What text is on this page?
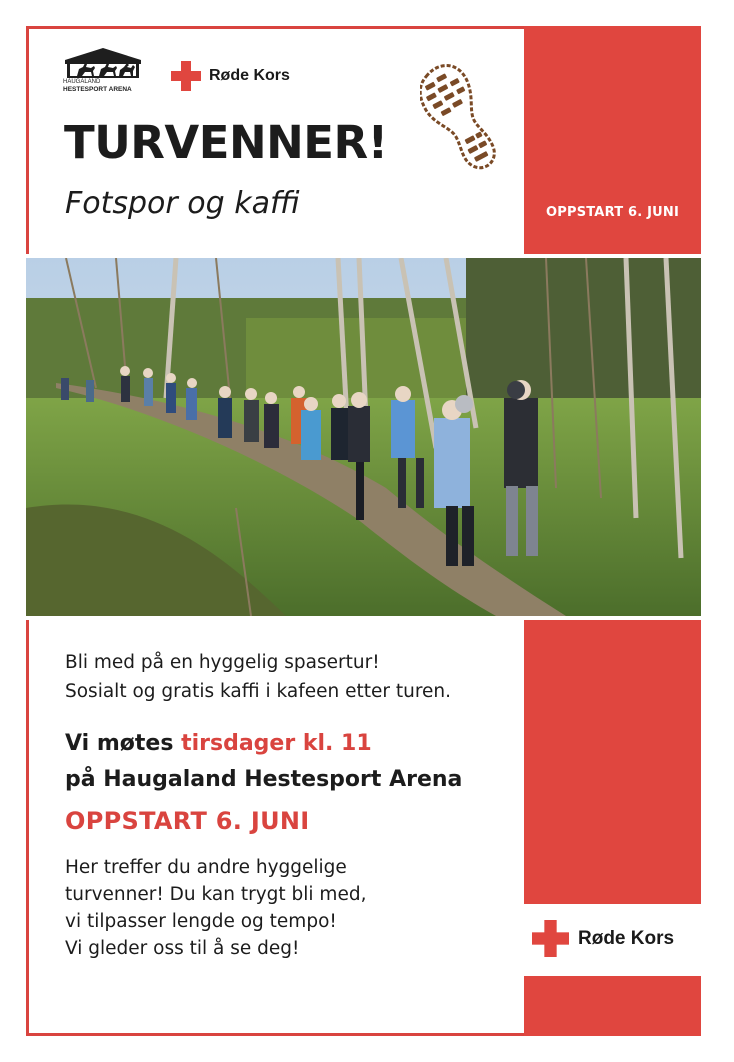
OPPSTART 6. JUNI
HAUGALAND
HESTESPORT ARENA
Røde Kors
TURVENNER!
Fotspor og kaffi
Røde Kors
Bli med på en hyggelig spasertur!
Sosialt og gratis kaffi i kafeen etter turen.
Vi møtes tirsdager kl. 11
på Haugaland Hestesport Arena
OPPSTART 6. JUNI
Her treffer du andre hyggelige
turvenner! Du kan trygt bli med,
vi tilpasser lengde og tempo!
Vi gleder oss til å se deg!
